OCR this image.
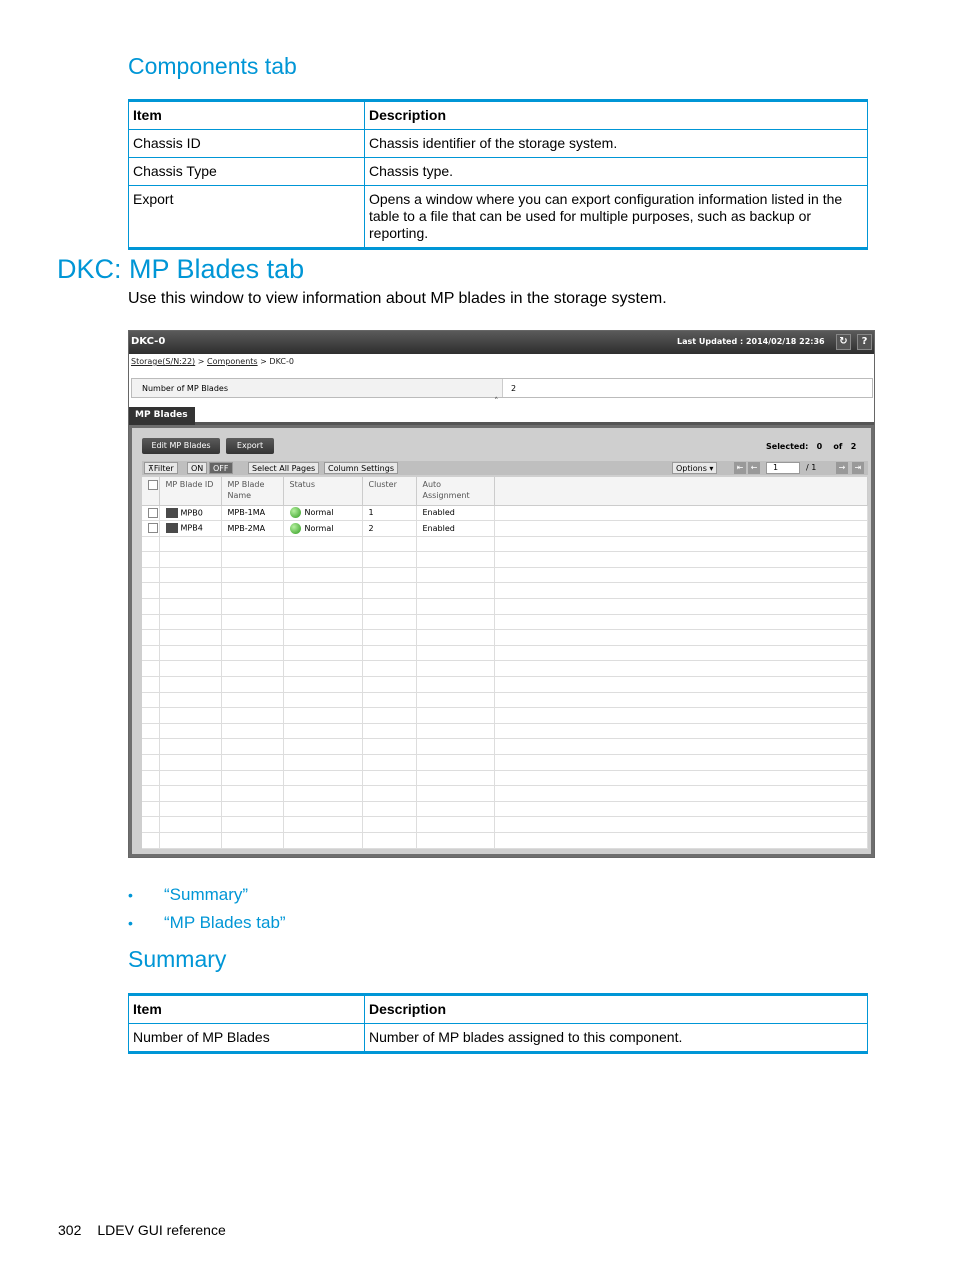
Components tab
Item	Description
Chassis ID	Chassis identifier of the storage system.
Chassis Type	Chassis type.
Export	Opens a window where you can export configuration information listed in the table to a file that can be used for multiple purposes, such as backup or reporting.
DKC: MP Blades tab
Use this window to view information about MP blades in the storage system.
DKC-0	Last Updated : 2014/02/18 22:36	↻	?
Storage(S/N:22) > Components > DKC-0
Number of MP Blades	2
˄
MP Blades
Edit MP Blades	Export	Selected: 0 of 2
⊼Filter	ON	OFF	Select All Pages	Column Settings	Options ▾	⇤ ←	1	/ 1	→	⇥
	MP Blade ID	MP Blade Name	Status	Cluster	Auto Assignment	
	MPB0	MPB-1MA	Normal	1	Enabled	
	MPB4	MPB-2MA	Normal	2	Enabled	

•	“Summary”
•	“MP Blades tab”
Summary
Item	Description
Number of MP Blades	Number of MP blades assigned to this component.
302 LDEV GUI reference
